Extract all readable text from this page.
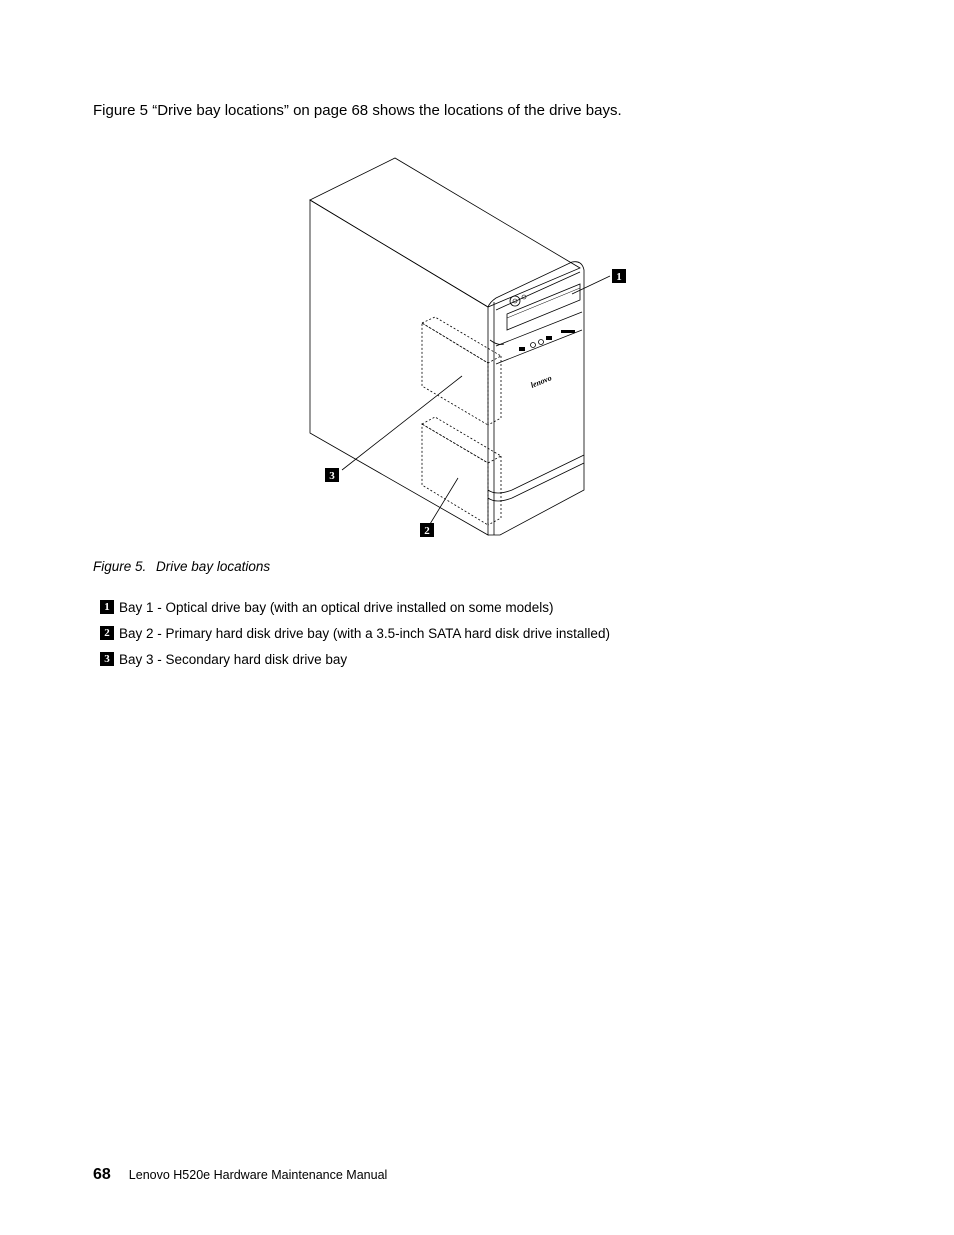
Figure 5 “Drive bay locations” on page 68 shows the locations of the drive bays.
lenovo
1
3
2
Figure 5. Drive bay locations
1 Bay 1 - Optical drive bay (with an optical drive installed on some models)
2 Bay 2 - Primary hard disk drive bay (with a 3.5-inch SATA hard disk drive installed)
3 Bay 3 - Secondary hard disk drive bay
68 Lenovo H520e Hardware Maintenance Manual
